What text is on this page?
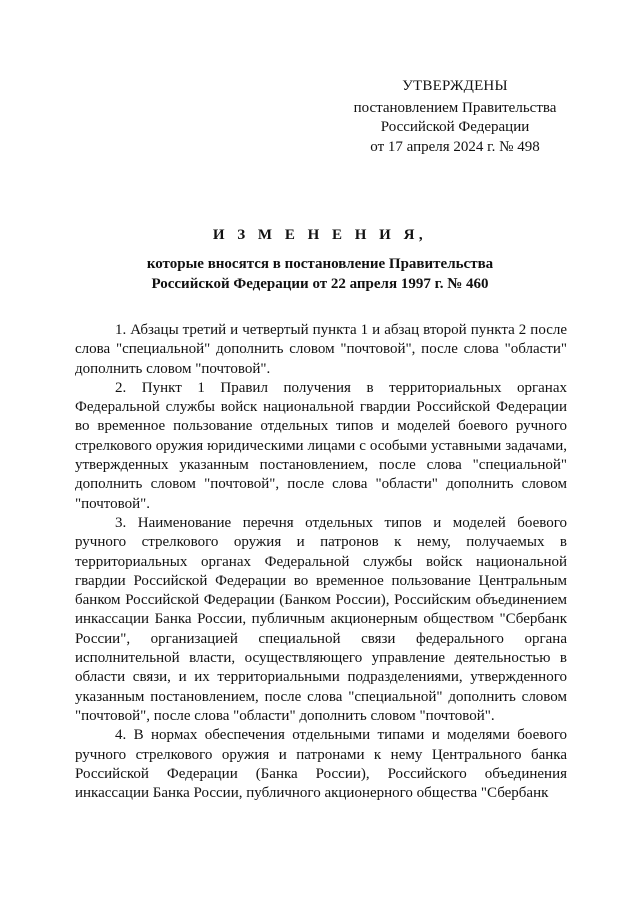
УТВЕРЖДЕНЫ
постановлением Правительства
Российской Федерации
от 17 апреля 2024 г. № 498
И З М Е Н Е Н И Я,
которые вносятся в постановление Правительства
Российской Федерации от 22 апреля 1997 г. № 460

1. Абзацы третий и четвертый пункта 1 и абзац второй пункта 2 после слова "специальной" дополнить словом "почтовой", после слова "области" дополнить словом "почтовой".

2. Пункт 1 Правил получения в территориальных органах Федеральной службы войск национальной гвардии Российской Федерации во временное пользование отдельных типов и моделей боевого ручного стрелкового оружия юридическими лицами с особыми уставными задачами, утвержденных указанным постановлением, после слова "специальной" дополнить словом "почтовой", после слова "области" дополнить словом "почтовой".

3. Наименование перечня отдельных типов и моделей боевого ручного стрелкового оружия и патронов к нему, получаемых в территориальных органах Федеральной службы войск национальной гвардии Российской Федерации во временное пользование Центральным банком Российской Федерации (Банком России), Российским объединением инкассации Банка России, публичным акционерным обществом "Сбербанк России", организацией специальной связи федерального органа исполнительной власти, осуществляющего управление деятельностью в области связи, и их территориальными подразделениями, утвержденного указанным постановлением, после слова "специальной" дополнить словом "почтовой", после слова "области" дополнить словом "почтовой".

4. В нормах обеспечения отдельными типами и моделями боевого ручного стрелкового оружия и патронами к нему Центрального банка Российской Федерации (Банка России), Российского объединения инкассации Банка России, публичного акционерного общества "Сбербанк
